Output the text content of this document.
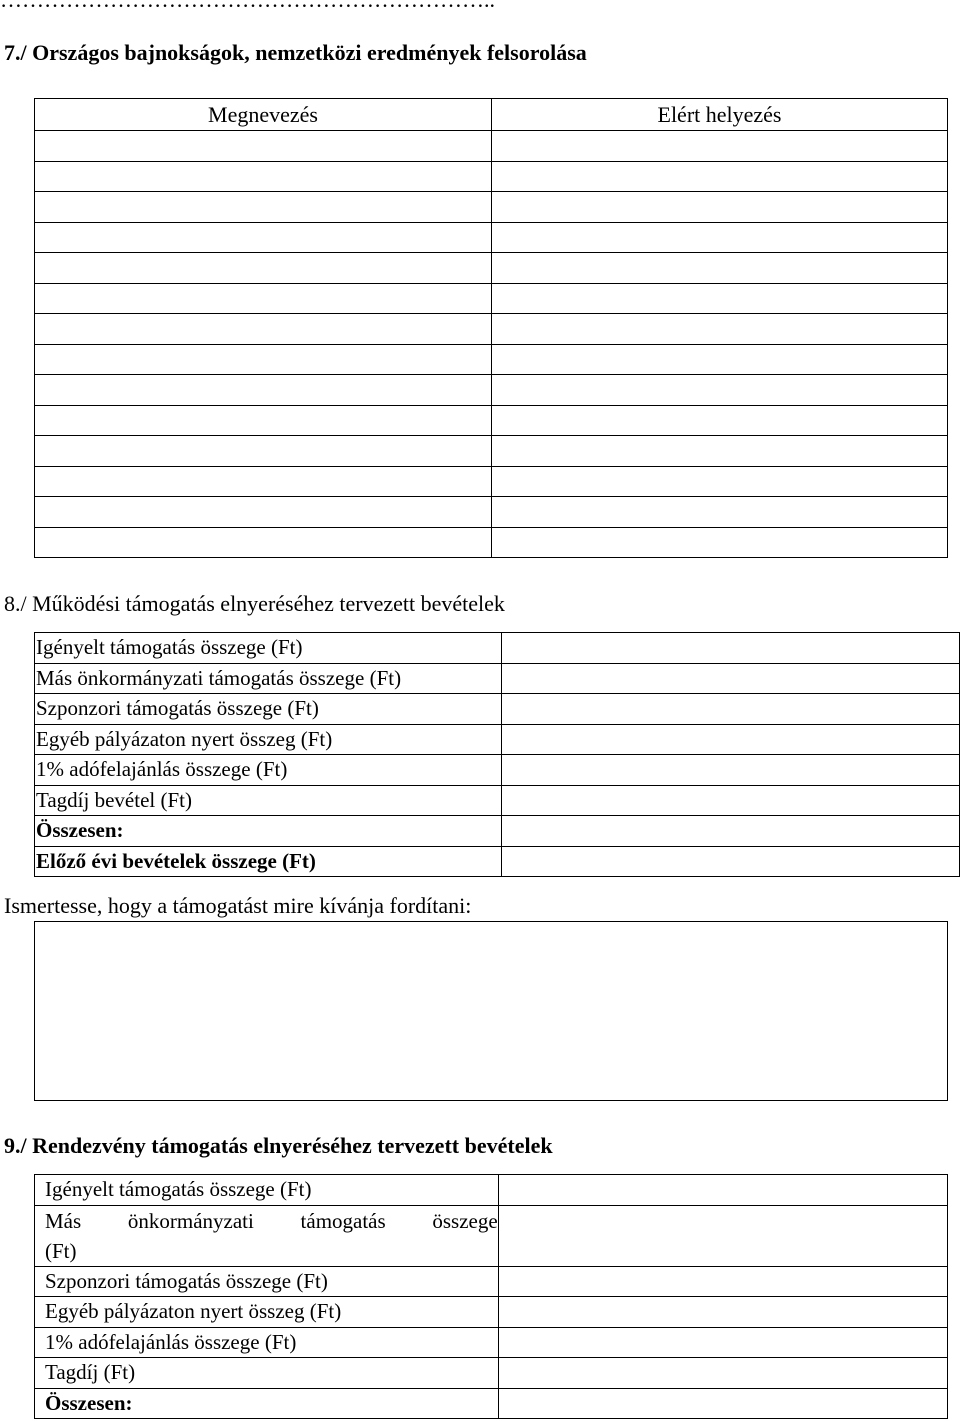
7./ Országos bajnokságok, nemzetközi eredmények felsorolása
Megnevezés	Elért helyezés

8./ Működési támogatás elnyeréséhez tervezett bevételek
Igényelt támogatás összege (Ft)	
Más önkormányzati támogatás összege (Ft)	
Szponzori támogatás összege (Ft)	
Egyéb pályázaton nyert összeg (Ft)	
1% adófelajánlás összege (Ft)	
Tagdíj bevétel (Ft)	
Összesen:	
Előző évi bevételek összege (Ft)	
Ismertesse, hogy a támogatást mire kívánja fordítani:
9./ Rendezvény támogatás elnyeréséhez tervezett bevételek
Igényelt támogatás összege (Ft)	

Más önkormányzati támogatás összege
(Ft)	

Szponzori támogatás összege (Ft)	
Egyéb pályázaton nyert összeg (Ft)	
1% adófelajánlás összege (Ft)	
Tagdíj (Ft)	
Összesen:	
